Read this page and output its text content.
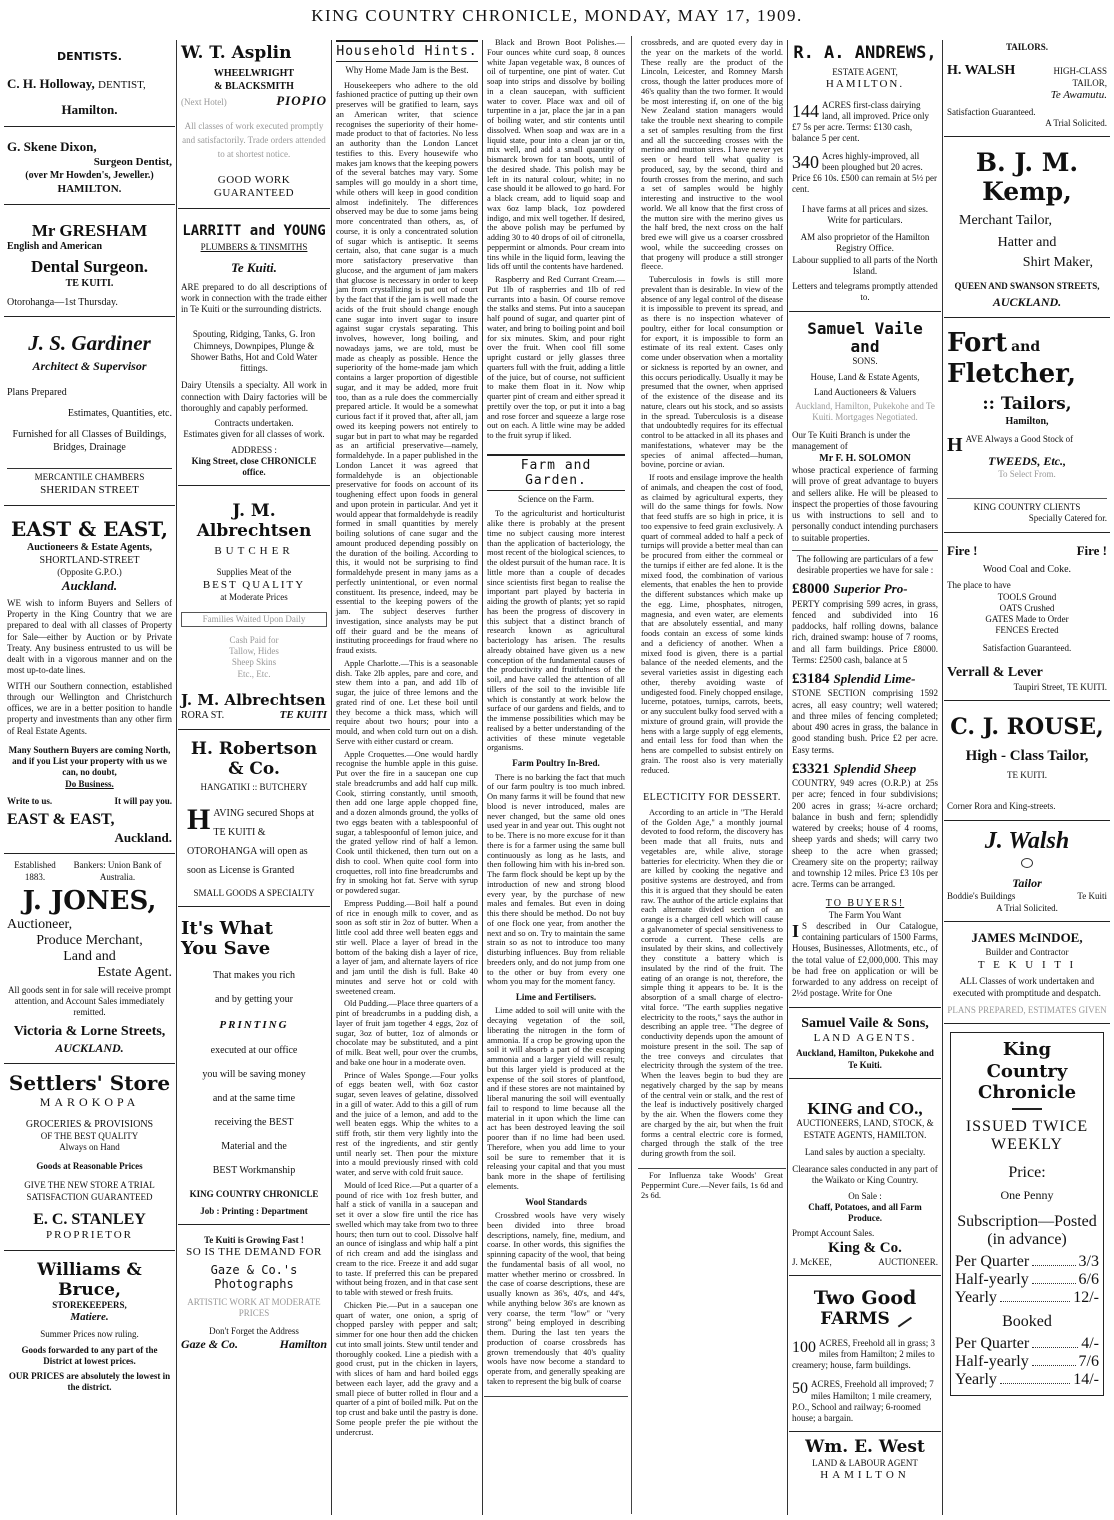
KING COUNTRY CHRONICLE, MONDAY, MAY 17, 1909.
DENTISTS.
C. H. Holloway, DENTIST,
Hamilton.
G. Skene Dixon,
Surgeon Dentist,
(over Mr Howden's, Jeweller.)
HAMILTON.
Mr GRESHAM
English and American
Dental Surgeon.
TE KUITI.
Otorohanga—1st Thursday.
J. S. Gardiner
Architect & Supervisor
Plans Prepared
Estimates, Quantities, etc.
Furnished for all Classes of Buildings, Bridges, Drainage
MERCANTILE CHAMBERS
SHERIDAN STREET
EAST & EAST,
Auctioneers & Estate Agents,
SHORTLAND-STREET
(Opposite G.P.O.)
Auckland.
WE wish to inform Buyers and Sellers of Property in the King Country that we are prepared to deal with all classes of Property for Sale—either by Auction or by Private Treaty. Any business entrusted to us will be dealt with in a vigorous manner and on the most up-to-date lines.
WITH our Southern connection, established through our Wellington and Christchurch offices, we are in a better position to handle property and investments than any other firm of Real Estate Agents.
Many Southern Buyers are coming North, and if you List your property with us we can, no doubt,
Do Business.
Write to us.	It will pay you.
EAST & EAST,
Auckland.
Established 1883.
Bankers: Union Bank of Australia.
J. JONES,
Auctioneer,
Produce Merchant,
Land and
Estate Agent.
All goods sent in for sale will receive prompt attention, and Account Sales immediately remitted.
Victoria & Lorne Streets,
AUCKLAND.
Settlers' Store
MAROKOPA
GROCERIES & PROVISIONS
OF THE BEST QUALITY
Always on Hand
Goods at Reasonable Prices
GIVE THE NEW STORE A TRIAL
SATISFACTION GUARANTEED
E. C. STANLEY
PROPRIETOR
Williams & Bruce,
STOREKEEPERS,
Matiere.
Summer Prices now ruling.
Goods forwarded to any part of the District at lowest prices.
OUR PRICES are absolutely the lowest in the district.
W. T. Asplin
WHEELWRIGHT
& BLACKSMITH
(Next Hotel)	PIOPIO
All classes of work executed promptly and satisfactorily. Trade orders attended to at shortest notice.
GOOD WORK GUARANTEED
LARRITT and YOUNG
PLUMBERS & TINSMITHS
Te Kuiti.
ARE prepared to do all descriptions of work in connection with the trade either in Te Kuiti or the surrounding districts.
Spouting, Ridging, Tanks, G. Iron Chimneys, Downpipes, Plunge & Shower Baths, Hot and Cold Water fittings.
Dairy Utensils a specialty. All work in connection with Dairy factories will be thoroughly and capably performed.
Contracts undertaken.
Estimates given for all classes of work.
ADDRESS :
King Street, close CHRONICLE office.
J. M. Albrechtsen
BUTCHER
Supplies Meat of the
BEST QUALITY
at Moderate Prices
Families Waited Upon Daily
Cash Paid for
Tallow, Hides
Sheep Skins
Etc., Etc.
J. M. Albrechtsen
RORA ST.	TE KUITI
H. Robertson & Co.
HANGATIKI :: BUTCHERY
HAVING secured Shops at TE KUITI & OTOROHANGA will open as soon as License is Granted
SMALL GOODS A SPECIALTY
It's What
You Save
That makes you rich
and by getting your
PRINTING
executed at our office
you will be saving money
and at the same time
receiving the BEST
Material and the
BEST Workmanship
KING COUNTRY CHRONICLE
Job : Printing : Department
Te Kuiti is Growing Fast !
SO IS THE DEMAND FOR
Gaze & Co.'s Photographs
ARTISTIC WORK AT MODERATE PRICES
Don't Forget the Address
Gaze & Co.	Hamilton
Household Hints.
Why Home Made Jam is the Best.

Housekeepers who adhere to the old fashioned practice of putting up their own preserves will be gratified to learn, says an American writer, that science recognises the superiority of their home-made product to that of factories. No less an authority than the London Lancet testifies to this. Every housewife who makes jam knows that the keeping powers of the several batches may vary. Some samples will go mouldy in a short time, while others will keep in good condition almost indefinitely. The differences observed may be due to some jams being more concentrated than others, as, of course, it is only a concentrated solution of sugar which is antiseptic. It seems certain, also, that cane sugar is a much more satisfactory preservative than glucose, and the argument of jam makers that glucose is necessary in order to keep jam from crystallizing is put out of court by the fact that if the jam is well made the acids of the fruit should change enough cane sugar into invert sugar to insure against sugar crystals separating. This involves, however, long boiling, and nowadays jams, we are told, must be made as cheaply as possible. Hence the superiority of the home-made jam which contains a larger proportion of digestible sugar, and it may be added, more fruit too, than as a rule does the commercially prepared article. It would be a somewhat curious fact if it proved that, after all, jam owed its keeping powers not entirely to sugar but in part to what may be regarded as an artificial preservative—namely, formaldehyde. In a paper published in the London Lancet it was agreed that formaldehyde is an objectionable preservative for foods on account of its toughening effect upon foods in general and upon protein in particular. And yet it would appear that formaldehyde is readily formed in small quantities by merely boiling solutions of cane sugar and the amount produced depending possibly on the duration of the boiling. According to this, it would not be surprising to find formaldehyde present in many jams as a perfectly unintentional, or even normal constituent. Its presence, indeed, may be essential to the keeping powers of the jam. The subject deserves further investigation, since analysts may be put off their guard and be the means of instituting proceedings for fraud where no fraud exists.

Apple Charlotte.—This is a seasonable dish. Take 2lb apples, pare and core, and stew them into a pan, and add 1lb of sugar, the juice of three lemons and the grated rind of one. Let these boil until they become a thick mass, which will require about two hours; pour into a mould, and when cold turn out on a dish. Serve with either custard or cream.

Apple Croquettes.—One would hardly recognise the humble apple in this guise. Put over the fire in a saucepan one cup stale breadcrumbs and add half cup milk. Cook, stirring constantly, until smooth, then add one large apple chopped fine, and a dozen almonds ground, the yolks of two eggs beaten with a tablespoonful of sugar, a tablespoonful of lemon juice, and the grated yellow rind of half a lemon. Cook until thickened, then turn out on a dish to cool. When quite cool form into croquettes, roll into fine breadcrumbs and fry in smoking hot fat. Serve with syrup or powdered sugar.

Empress Pudding.—Boil half a pound of rice in enough milk to cover, and as soon as soft stir in 2oz of butter. When a little cool add three well beaten eggs and stir well. Place a layer of bread in the bottom of the baking dish a layer of rice, a layer of jam, and alternate layers of rice and jam until the dish is full. Bake 40 minutes and serve hot or cold with sweetened cream.

Old Pudding.—Place three quarters of a pint of breadcrumbs in a pudding dish, a layer of fruit jam together 4 eggs, 2oz of sugar, 3oz of butter, 1oz of almonds or chocolate may be substituted, and a pint of milk. Beat well, pour over the crumbs, and bake one hour in a moderate oven.

Prince of Wales Sponge.—Four yolks of eggs beaten well, with 6oz castor sugar, seven leaves of gelatine, dissolved in a gill of water. Add to this a gill of rum and the juice of a lemon, and add to the well beaten eggs. Whip the whites to a stiff froth, stir them very lightly into the rest of the ingredients, and stir gently until nearly set. Then pour the mixture into a mould previously rinsed with cold water, and serve with cold fruit sauce.

Mould of Iced Rice.—Put a quarter of a pound of rice with 1oz fresh butter, and half a stick of vanilla in a saucepan and set it over a slow fire until the rice has swelled which may take from two to three hours; then turn out to cool. Dissolve half an ounce of isinglass and whip half a pint of rich cream and add the isinglass and cream to the rice. Freeze it and add sugar to taste. If preferred this can be prepared without being frozen, and in that case sent to table with stewed or fresh fruits.

Chicken Pie.—Put in a saucepan one quart of water, one onion, a sprig of chopped parsley with pepper and salt; simmer for one hour then add the chicken cut into small joints. Stew until tender and thoroughly cooked. Line a piedish with a good crust, put in the chicken in layers, with slices of ham and hard boiled eggs between each layer, add the gravy and a small piece of butter rolled in flour and a quarter of a pint of boiled milk. Put on the top crust and bake until the pastry is done. Some people prefer the pie without the undercrust.

Black and Brown Boot Polishes.—Four ounces white curd soap, 8 ounces white Japan vegetable wax, 8 ounces of oil of turpentine, one pint of water. Cut soap into strips and dissolve by boiling in a clean saucepan, with sufficient water to cover. Place wax and oil of turpentine in a jar, place the jar in a pan of boiling water, and stir contents until dissolved. When soap and wax are in a liquid state, pour into a clean jar or tin, mix well, and add a small quantity of bismarck brown for tan boots, until of the desired shade. This polish may be left in its natural colour, white; in no case should it be allowed to go hard. For a black cream, add to liquid soap and wax 6oz lamp black, 1oz powdered indigo, and mix well together. If desired, the above polish may be perfumed by adding 30 to 40 drops of oil of citronella, peppermint or almonds. Pour cream into tins while in the liquid form, leaving the lids off until the contents have hardened.

Raspberry and Red Currant Cream.—Put 1lb of raspberries and 1lb of red currants into a basin. Of course remove the stalks and stems. Put into a saucepan half pound of sugar, and quarter pint of water, and bring to boiling point and boil for six minutes. Skim, and pour right over the fruit. When cool fill some upright custard or jelly glasses three quarters full with the fruit, adding a little of the juice, but of course, not sufficient to make them float in it. Now whip quarter pint of cream and either spread it prettily over the top, or put it into a bag and rose forcer and squeeze a large rose out on each. A little wine may be added to the fruit syrup if liked.

Farm and Garden.
Science on the Farm.

To the agriculturist and horticulturist alike there is probably at the present time no subject causing more interest than the application of bacteriology, the most recent of the biological sciences, to the oldest pursuit of the human race. It is little more than a couple of decades since scientists first began to realise the important part played by bacteria in aiding the growth of plants; yet so rapid has been the progress of discovery in this subject that a distinct branch of research known as agricultural bacteriology has arisen. The results already obtained have given us a new conception of the fundamental causes of the productivity and fruitfulness of the soil, and have called the attention of all tillers of the soil to the invisible life which is constantly at work below the surface of our gardens and fields, and to the immense possibilities which may be realised by a better understanding of the activities of these minute vegetable organisms.

Farm Poultry In-Bred.

There is no barking the fact that much of our farm poultry is too much inbred. On many farms it will be found that new blood is never introduced, males are never changed, but the same old ones used year in and year out. This ought not to be. There is no more excuse for it than there is for a farmer using the same bull continuously as long as he lasts, and then following him with his in-bred son. The farm flock should be kept up by the introduction of new and strong blood every year, by the purchase of new males and females. But even in doing this there should be method. Do not buy of one flock one year, from another the next and so on. Try to maintain the same strain so as not to introduce too many disturbing influences. Buy from reliable breeders only, and do not jump from one to the other or buy from every one whom you may for the moment fancy.

Lime and Fertilisers.

Lime added to soil will unite with the decaying vegetation of the soil, liberating the nitrogen in the form of ammonia. If a crop be growing upon the soil it will absorb a part of the escaping ammonia and a larger yield will result; but this larger yield is produced at the expense of the soil stores of plantfood, and if these stores are not maintained by liberal manuring the soil will eventually fail to respond to lime because all the material in it upon which the lime can act has been destroyed leaving the soil poorer than if no lime had been used. Therefore, when you add lime to your soil be sure to remember that it is releasing your capital and that you must bank more in the shape of fertilising elements.

Wool Standards

Crossbred wools have very wisely been divided into three broad descriptions, namely, fine, medium, and coarse. In other words, this signifies the spinning capacity of the wool, that being the fundamental basis of all wool, no matter whether merino or crossbred. In the case of coarse descriptions, these are usually known as 36's, 40's, and 44's, while anything below 36's are known as very coarse, the term "low" or "very strong" being employed in describing them. During the last ten years the production of coarse crossbreds has grown tremendously that 40's quality wools have now become a standard to operate from, and generally speaking are taken to represent the big bulk of coarse

crossbreds, and are quoted every day in the year on the markets of the world. These really are the product of the Lincoln, Leicester, and Romney Marsh cross, though the latter produces more of 46's quality than the two former. It would be most interesting if, on one of the big New Zealand station managers would take the trouble next shearing to compile a set of samples resulting from the first and all the succeeding crosses with the merino and mutton sires. I have never yet seen or heard tell what quality is produced, say, by the second, third and fourth crosses from the merino, and such a set of samples would be highly interesting and instructive to the wool world. We all know that the first cross of the mutton sire with the merino gives us the half bred, the next cross on the half bred ewe will give us a coarser crossbred wool, while the succeeding crosses on that progeny will produce a still stronger fleece.

Tuberculosis in fowls is still more prevalent than is desirable. In view of the absence of any legal control of the disease it is impossible to prevent its spread, and as there is no inspection whatever of poultry, either for local consumption or for export, it is impossible to form an estimate of its real extent. Cases only come under observation when a mortality or sickness is reported by an owner, and this occurs periodically. Usually it may be presumed that the owner, when apprised of the existence of the disease and its nature, clears out his stock, and so assists in the spread. Tuberculosis is a disease that undoubtedly requires for its effectual control to be attacked in all its phases and manifestations, whatever may be the species of animal affected—human, bovine, porcine or avian.

If roots and ensilage improve the health of animals, and cheapen the cost of food, as claimed by agricultural experts, they will do the same things for fowls. Now that feed stuffs are so high in price, it is too expensive to feed grain exclusively. A quart of cornmeal added to half a peck of turnips will provide a better meal than can be procured from either the cornmeal or the turnips if either are fed alone. It is the mixed food, the combination of various elements, that enables the hen to provide the different substances which make up the egg. Lime, phosphates, nitrogen, magnesia, and even water, are elements that are absolutely essential, and many foods contain an excess of some kinds and a deficiency of another. When a mixed food is given, there is a partial balance of the needed elements, and the several varieties assist in digesting each other, thereby avoiding waste of undigested food. Finely chopped ensilage, lucerne, potatoes, turnips, carrots, beets, or any succulent bulky food served with a mixture of ground grain, will provide the hens with a large supply of egg elements, and entail less for food than when the hens are compelled to subsist entirely on grain. The roost also is very materially reduced.

ELECTICITY FOR DESSERT.

According to an article in "The Herald of the Golden Age," a monthly journal devoted to food reform, the discovery has been made that all fruits, nuts and vegetables are, while alive, storage batteries for electricity. When they die or are killed by cooking the negative and positive systems are destroyed, and from this it is argued that they should be eaten raw. The author of the article explains that each alternate divided section of an orange is a charged cell which will cause a galvanometer of special sensitiveness to corrode a current. These cells are insulated by their skins, and collectively they constitute a battery which is insulated by the rind of the fruit. The eating of an orange is not, therefore, the simple thing it appears to be. It is the absorption of a small charge of electro-vital force. "The earth supplies negative electricity to the roots," says the author in describing an apple tree. "The degree of conductivity depends upon the amount of moisture present in the soil. The sap of the tree conveys and circulates that electricity through the system of the tree. When the leaves begin to bud they are negatively charged by the sap by means of the central vein or stalk, and the rest of the leaf is inductively positively charged by the air. When the flowers come they are charged by the air, but when the fruit forms a central electric core is formed, charged through the stalk of the tree during growth from the soil.

For Influenza take Woods' Great Peppermint Cure.—Never fails, 1s 6d and 2s 6d.

R. A. ANDREWS,
ESTATE AGENT,
HAMILTON.
144 ACRES first-class dairying land, all improved. Price only £7 5s per acre. Terms: £130 cash, balance 5 per cent.
340 Acres highly-improved, all been ploughed but 20 acres. Price £6 10s. £500 can remain at 5½ per cent.
I have farms at all prices and sizes. Write for particulars.
AM also proprietor of the Hamilton Registry Office.
Labour supplied to all parts of the North Island.
Letters and telegrams promptly attended to.
Samuel Vaile and
SONS.
House, Land & Estate Agents,
Land Auctioneers & Valuers
Auckland, Hamilton, Pukekohe and Te Kuiti. Mortgages Negotiated.
Our Te Kuiti Branch is under the management of
Mr F. H. SOLOMON
whose practical experience of farming will prove of great advantage to buyers and sellers alike. He will be pleased to inspect the properties of those favouring us with instructions to sell and to personally conduct intending purchasers to suitable properties.
The following are particulars of a few desirable properties we have for sale :
£8000 Superior Pro-
PERTY comprising 599 acres, in grass, fenced and subdivided into 16 paddocks, half rolling downs, balance rich, drained swamp: house of 7 rooms, and all farm buildings. Price £8000. Terms: £2500 cash, balance at 5
£3184 Splendid Lime-
STONE SECTION comprising 1592 acres, all easy country; well watered; and three miles of fencing completed; about 490 acres in grass, the balance in good standing bush. Price £2 per acre. Easy terms.
£3321 Splendid Sheep
COUNTRY, 949 acres (O.R.P.) at 25s per acre; fenced in four subdivisions; 200 acres in grass; ¼-acre orchard; balance in bush and fern; splendidly watered by creeks; house of 4 rooms, sheep yards and sheds; will carry two sheep to the acre when grassed; Creamery site on the property; railway and township 12 miles. Price £3 10s per acre. Terms can be arranged.
TO BUYERS!
The Farm You Want
I S described in Our Catalogue, containing particulars of 1500 Farms, Houses, Businesses, Allotments, etc., of the total value of £2,000,000. This may be had free on application or will be forwarded to any address on receipt of 2½d postage. Write for One
Samuel Vaile & Sons,
LAND AGENTS.
Auckland, Hamilton, Pukekohe and Te Kuiti.
KING and CO.,
AUCTIONEERS, LAND, STOCK, & ESTATE AGENTS, HAMILTON.
Land sales by auction a specialty.
Clearance sales conducted in any part of the Waikato or King Country.
On Sale :
Chaff, Potatoes, and all Farm Produce.
Prompt Account Sales.
King & Co.
J. McKEE,	AUCTIONEER.
Two Good
FARMS
100 ACRES, Freehold all in grass; 3 miles from Hamilton; 2 miles to creamery; house, farm buildings.
50 ACRES, Freehold all improved; 7 miles Hamilton; 1 mile creamery, P.O., School and railway; 6-roomed house; a bargain.
Wm. E. West
LAND & LABOUR AGENT
HAMILTON
TAILORS.
H. WALSH	HIGH-CLASS TAILOR,
Te Awamutu.
Satisfaction Guaranteed.
A Trial Solicited.
B. J. M. Kemp,
Merchant Tailor,
Hatter and
Shirt Maker,
QUEEN AND SWANSON STREETS,
AUCKLAND.
Fort and
Fletcher,
:: Tailors,
Hamilton,
HAVE Always a Good Stock of
TWEEDS, Etc.,
To Select From.
KING COUNTRY CLIENTS
Specially Catered for.
Fire !	Fire !
Wood Coal and Coke.
The place to have
TOOLS Ground
OATS Crushed
GATES Made to Order
FENCES Erected
Satisfaction Guaranteed.
Verrall & Lever
Taupiri Street, TE KUITI.
C. J. ROUSE,
High - Class Tailor,
TE KUITI.
Corner Rora and King-streets.
J. Walsh
Tailor
Boddie's Buildings	Te Kuiti
A Trial Solicited.
JAMES McINDOE,
Builder and Contractor
T E K U I T I
ALL Classes of work undertaken and executed with promptitude and despatch.
PLANS PREPARED, ESTIMATES GIVEN
King
Country
Chronicle
ISSUED TWICE WEEKLY
Price:
One Penny
Subscription—Posted
(in advance)
Per Quarter	3/3
Half-yearly	6/6
Yearly	12/-
Booked
Per Quarter	4/-
Half-yearly	7/6
Yearly	14/-
